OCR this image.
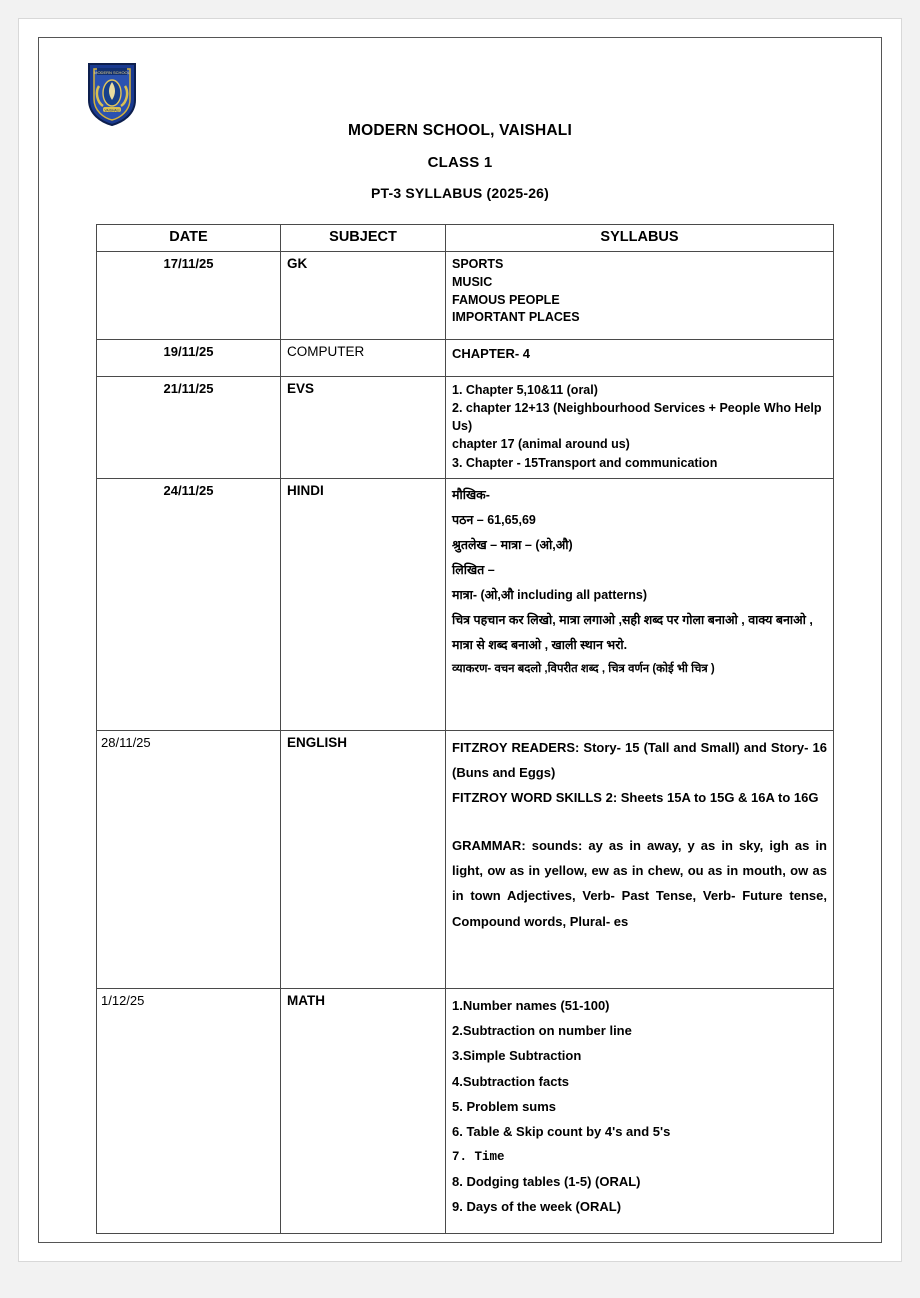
MODERN SCHOOL
VAISHALI
MODERN SCHOOL, VAISHALI
CLASS 1
PT-3 SYLLABUS (2025-26)
DATE	SUBJECT	SYLLABUS
17/11/25	GK	SPORTS
MUSIC
FAMOUS PEOPLE
IMPORTANT PLACES

19/11/25	COMPUTER	CHAPTER- 4

21/11/25	EVS	1. Chapter 5,10&11 (oral)
2. chapter 12+13 (Neighbourhood Services + People Who Help Us)
chapter 17 (animal around us)
3. Chapter - 15Transport and communication

24/11/25	HINDI	मौखिक-
पठन – 61,65,69
श्रुतलेख – मात्रा – (ओ,औ)
लिखित –
मात्रा- (ओ,औ including all patterns)
चित्र पहचान कर लिखो, मात्रा लगाओ ,सही शब्द पर गोला बनाओ , वाक्य बनाओ , मात्रा से शब्द बनाओ , खाली स्थान भरो.
व्याकरण- वचन बदलो ,विपरीत शब्द , चित्र वर्णन (कोई भी चित्र )

28/11/25	ENGLISH	FITZROY READERS: Story- 15 (Tall and Small) and Story- 16 (Buns and Eggs)
FITZROY WORD SKILLS 2: Sheets 15A to 15G & 16A to 16G
GRAMMAR: sounds: ay as in away, y as in sky, igh as in light, ow as in yellow, ew as in chew, ou as in mouth, ow as in town Adjectives, Verb- Past Tense, Verb- Future tense, Compound words, Plural- es

1/12/25	MATH	1.Number names (51-100)
2.Subtraction on number line
3.Simple Subtraction
4.Subtraction facts
5. Problem sums
6. Table & Skip count by 4's and 5's
7. Time
8. Dodging tables (1-5) (ORAL)
9. Days of the week (ORAL)
